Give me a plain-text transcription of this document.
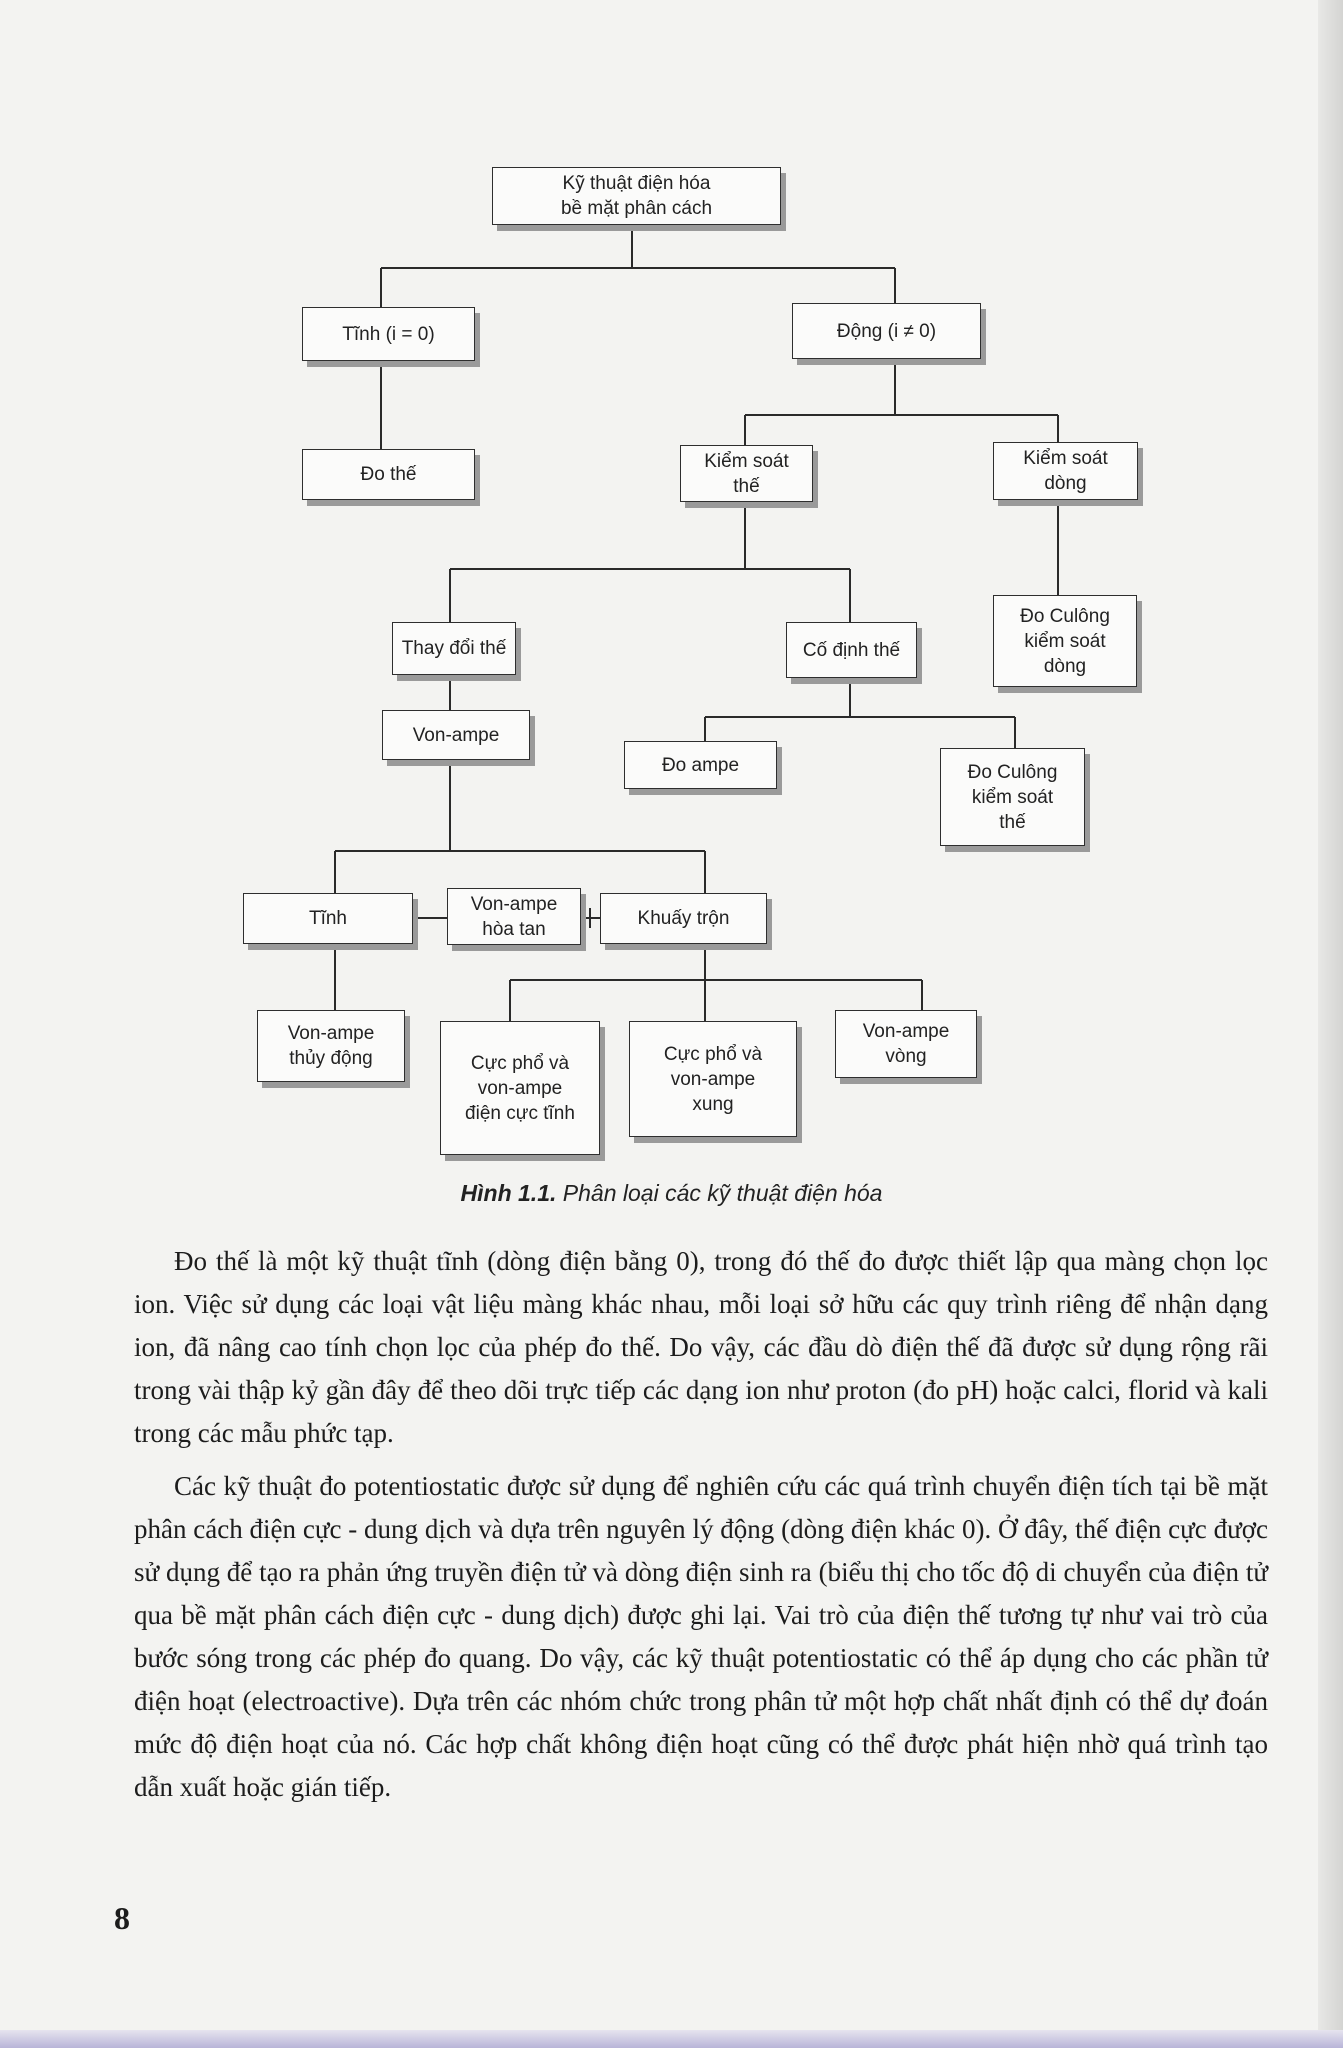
Kỹ thuật điện hóa
bề mặt phân cách
Tĩnh (i = 0)	Động (i ≠ 0)
Đo thế
Kiểm soát
thế
Kiểm soát
dòng
Thay đổi thế	Cố định thế
Đo Culông
kiểm soát
dòng
Von-ampe
Đo ampe	Đo Culông
kiểm soát
thế
Tĩnh
Von-ampe
hòa tan	Khuấy trộn
Von-ampe
thủy động	Cực phổ và
von-ampe
điện cực tĩnh
Cực phổ và
von-ampe
xung
Von-ampe
vòng
Hình 1.1. Phân loại các kỹ thuật điện hóa

Đo thế là một kỹ thuật tĩnh (dòng điện bằng 0), trong đó thế đo được thiết lập qua màng chọn lọc ion. Việc sử dụng các loại vật liệu màng khác nhau, mỗi loại sở hữu các quy trình riêng để nhận dạng ion, đã nâng cao tính chọn lọc của phép đo thế. Do vậy, các đầu dò điện thế đã được sử dụng rộng rãi trong vài thập kỷ gần đây để theo dõi trực tiếp các dạng ion như proton (đo pH) hoặc calci, florid và kali trong các mẫu phức tạp.

Các kỹ thuật đo potentiostatic được sử dụng để nghiên cứu các quá trình chuyển điện tích tại bề mặt phân cách điện cực - dung dịch và dựa trên nguyên lý động (dòng điện khác 0). Ở đây, thế điện cực được sử dụng để tạo ra phản ứng truyền điện tử và dòng điện sinh ra (biểu thị cho tốc độ di chuyển của điện tử qua bề mặt phân cách điện cực - dung dịch) được ghi lại. Vai trò của điện thế tương tự như vai trò của bước sóng trong các phép đo quang. Do vậy, các kỹ thuật potentiostatic có thể áp dụng cho các phần tử điện hoạt (electroactive). Dựa trên các nhóm chức trong phân tử một hợp chất nhất định có thể dự đoán mức độ điện hoạt của nó. Các hợp chất không điện hoạt cũng có thể được phát hiện nhờ quá trình tạo dẫn xuất hoặc gián tiếp.

8
